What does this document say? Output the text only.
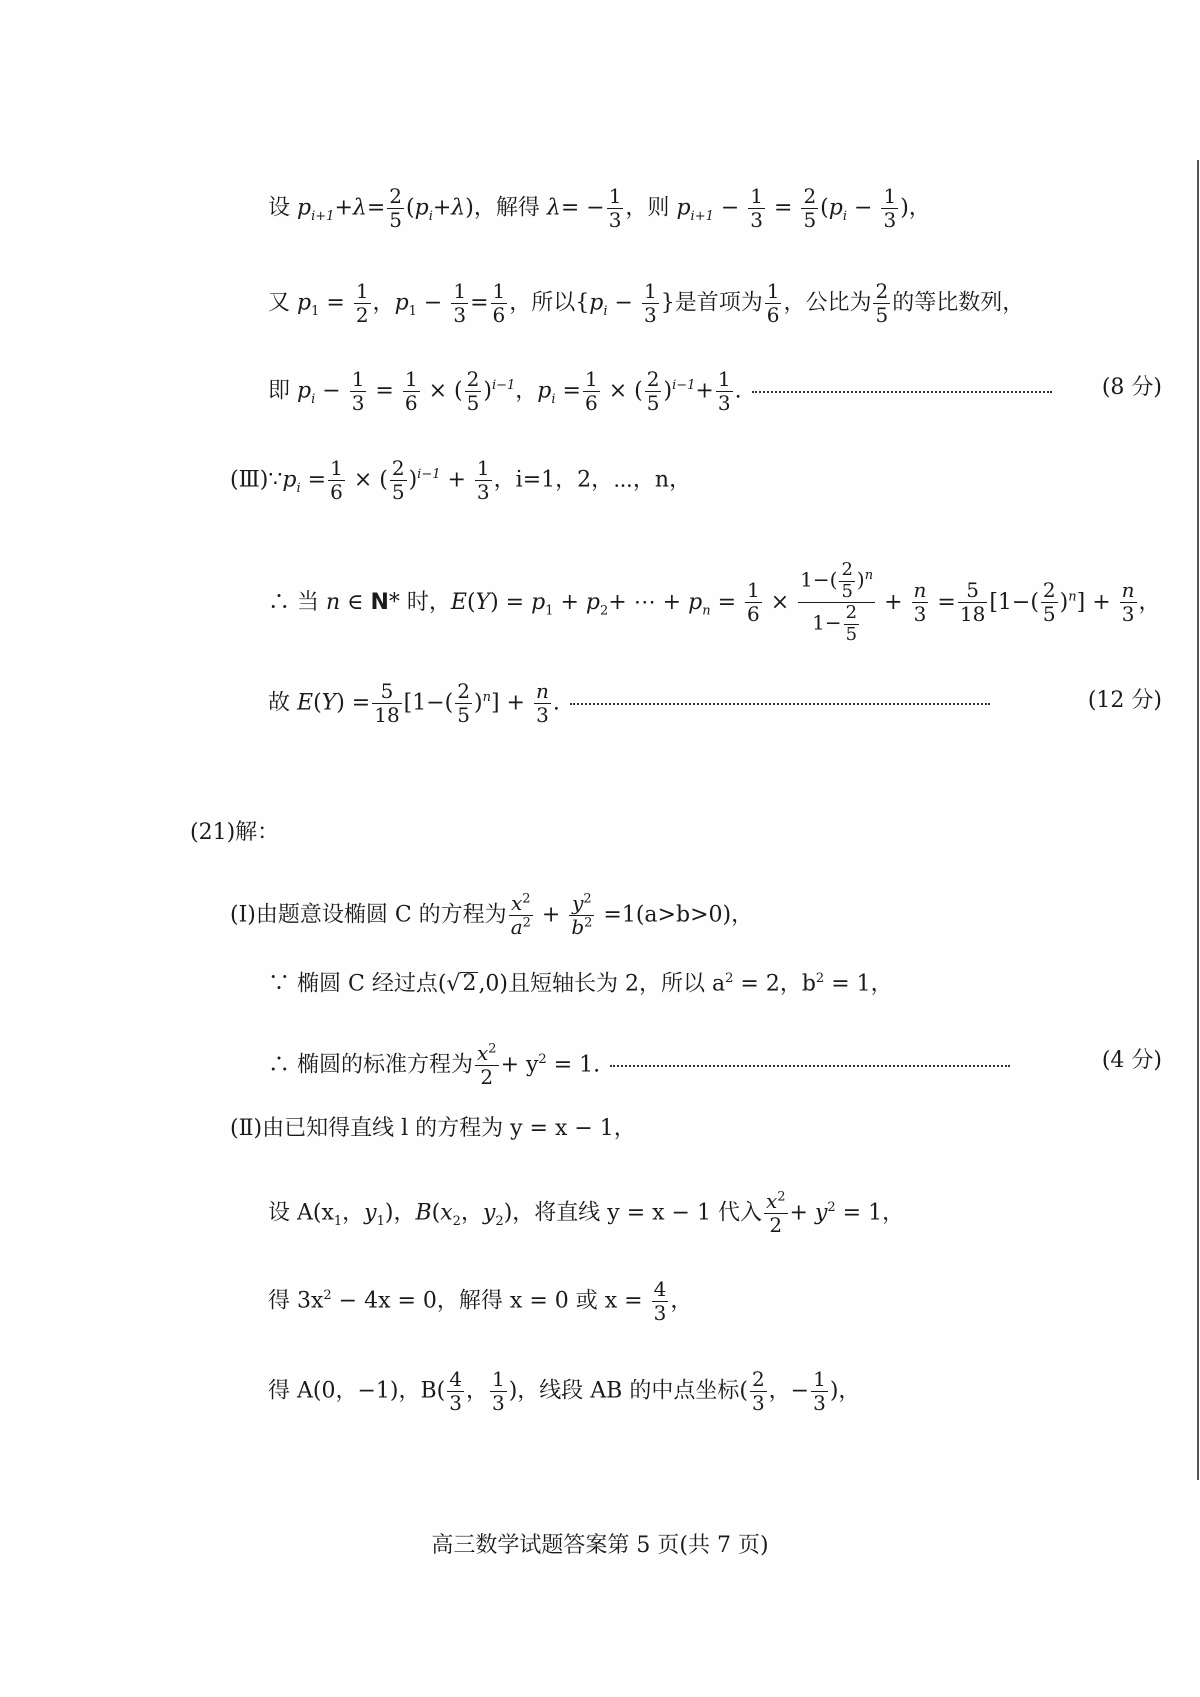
设 $p_{i+1}+\lambda= \frac{2}{5} (p_i+\lambda)$，解得 $\lambda= - \frac{1}{3}$ ，则 $p_{i+1} - \frac{1}{3} = \frac{2}{5} (p_i - \frac{1}{3}$ )，
又 $p_1 = \frac{1}{2}$ ，$p_1 - \frac{1}{3} = \frac{1}{6}$ ，所以{$p_i - \frac{1}{3}$ }是首项为 $\frac{1}{6}$ ，公比为 $\frac{2}{5}$ 的等比数列，
即 $p_i - \frac{1}{3} = \frac{1}{6}$ × ( $\frac{2}{5} )^{i-1}$，$p_i = \frac{1}{6}$ × ( $\frac{2}{5} )^{i-1}+ \frac{1}{3}$ .	(8 分)
$(Ⅲ)\because p_i = \frac{1}{6}$ × ( $\frac{2}{5} )^{i-1} + \frac{1}{3}$ ，i=1，2，⋯，n，
∴ 当 n ∈ N* 时，$E(Y) = p_1 + p_2+$ ⋯ + $p_n = \frac{1}{6} \times \frac{1-( \frac{2}{5} )^n}{1- \frac{2}{5}} + \frac{n}{3} = \frac{5}{18} [1-( \frac{2}{5} )^n] + \frac{n}{3}$ ，
故 $E(Y) = \frac{5}{18} [1-( \frac{2}{5} )^n] + \frac{n}{3}$ .	(12 分)
(21)解：
(Ⅰ)由题意设椭圆 C 的方程为 $\frac{x^2}{a^2} + \frac{y^2}{b^2} =1(a>b>0)$，
∵ 椭圆 C 经过点(√2,0)且短轴长为 2，所以 $a^2 = 2$，$b^2 = 1$，
∴ 椭圆的标准方程为 $\frac{x^2}{2} + y^2 = 1$.	(4 分)
(Ⅱ)由已知得直线 l 的方程为 y = x − 1，
设 $A(x_1$，$y_1$)，$B(x_2$，$y_2$)，将直线 y = x − 1 代入 $\frac{x^2}{2} + y^2 = 1$，
得 $3x^2 - 4x = 0$，解得 x = 0 或 $x = \frac{4}{3}$ ，
得 A(0，−1)，$B( \frac{4}{3}$ ， $\frac{1}{3}$ )，线段 AB 的中点坐标( $\frac{2}{3}$ ，− $\frac{1}{3}$ )，
高三数学试题答案第 5 页(共 7 页)
